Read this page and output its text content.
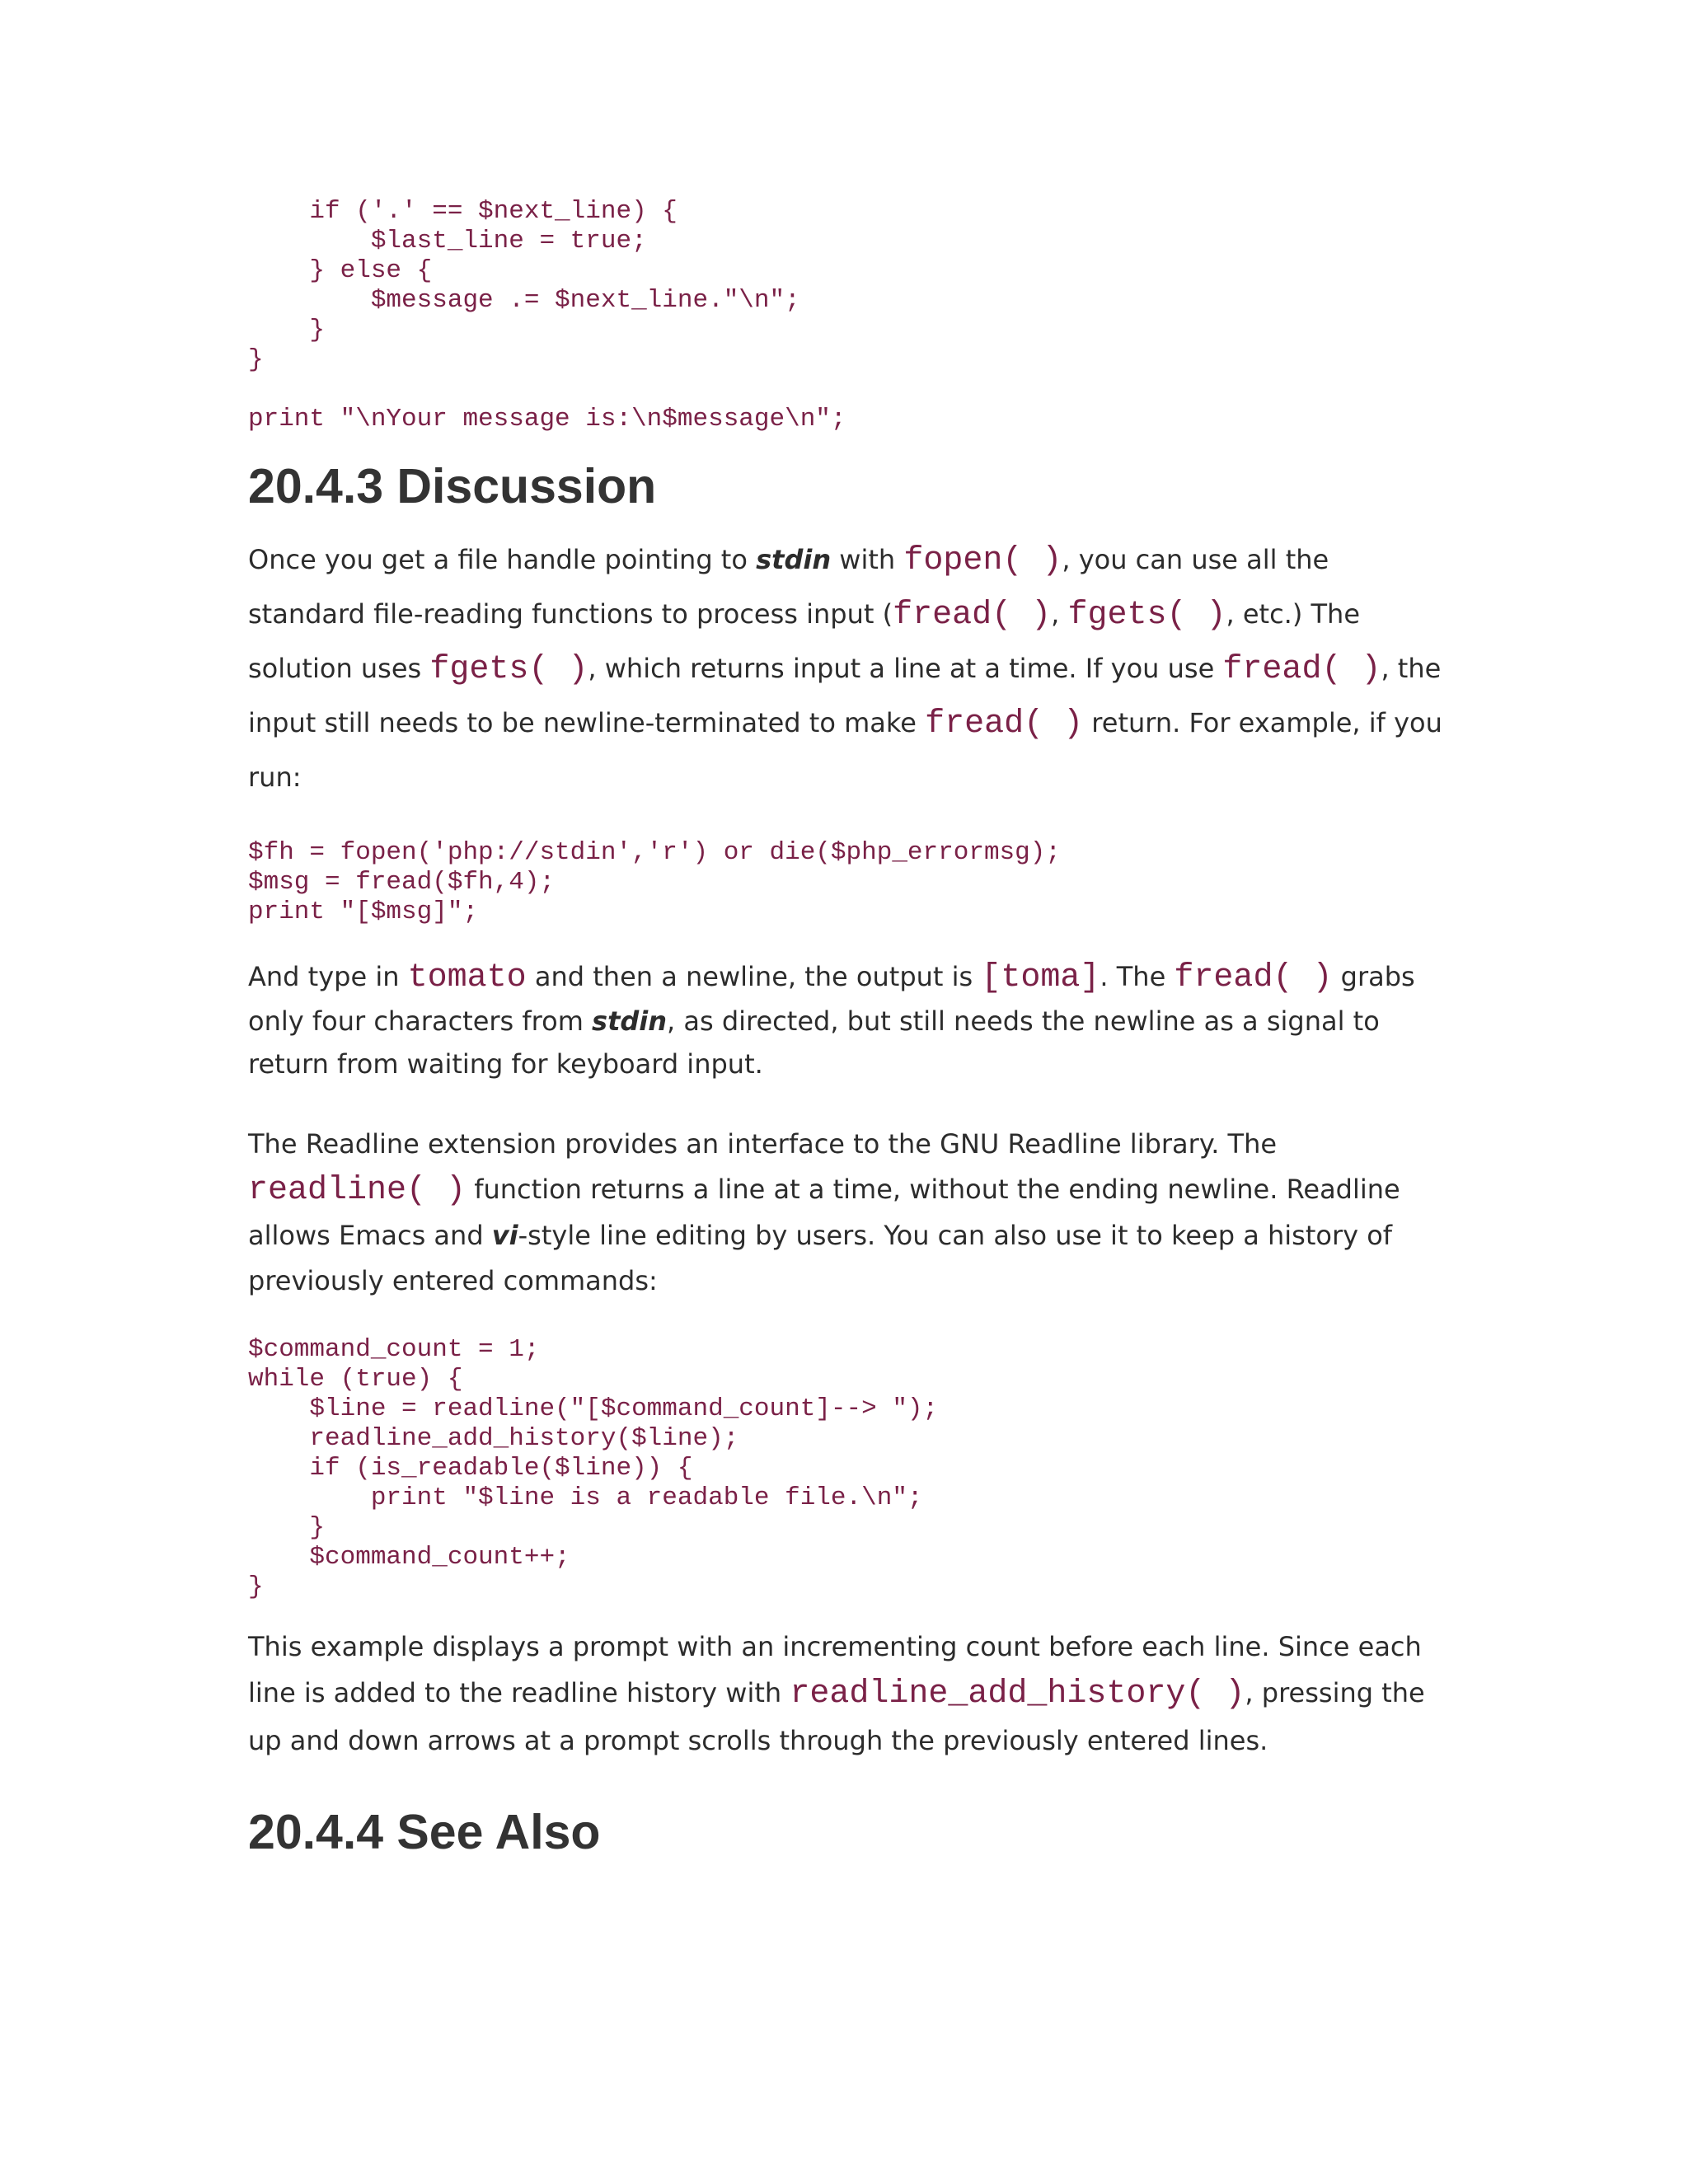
if ('.' == $next_line) {
$last_line = true;
} else {
$message .= $next_line."\n";
}
}

print "\nYour message is:\n$message\n";
20.4.3 Discussion

Once you get a file handle pointing to stdin with fopen( ), you can use all the standard file-reading functions to process input (fread( ), fgets( ), etc.) The solution uses fgets( ), which returns input a line at a time. If you use fread( ), the input still needs to be newline-terminated to make fread( ) return. For example, if you run:

$fh = fopen('php://stdin','r') or die($php_errormsg);
$msg = fread($fh,4);
print "[$msg]";

And type in tomato and then a newline, the output is [toma]. The fread( ) grabs only four characters from stdin, as directed, but still needs the newline as a signal to return from waiting for keyboard input.

The Readline extension provides an interface to the GNU Readline library. The readline( ) function returns a line at a time, without the ending newline. Readline allows Emacs and vi-style line editing by users. You can also use it to keep a history of previously entered commands:

$command_count = 1;
while (true) {
$line = readline("[$command_count]--> ");
readline_add_history($line);
if (is_readable($line)) {
print "$line is a readable file.\n";
}
$command_count++;
}

This example displays a prompt with an incrementing count before each line. Since each line is added to the readline history with readline_add_history( ), pressing the up and down arrows at a prompt scrolls through the previously entered lines.

20.4.4 See Also
